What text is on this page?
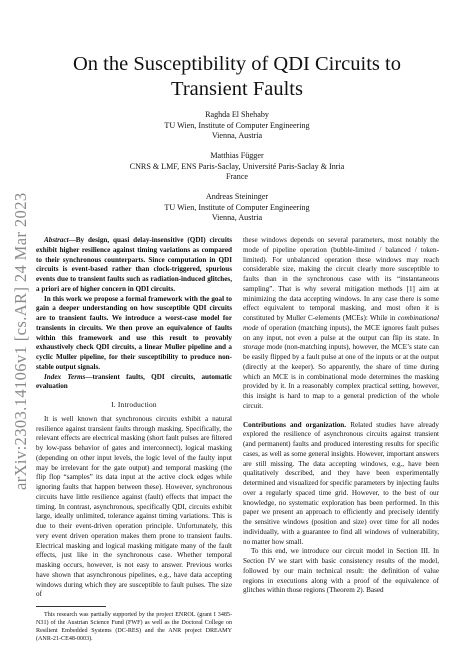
On the Susceptibility of QDI Circuits to
Transient Faults
Raghda El Shehaby
TU Wien, Institute of Computer Engineering
Vienna, Austria
Matthias Függer
CNRS & LMF, ENS Paris-Saclay, Université Paris-Saclay & Inria
France
Andreas Steininger
TU Wien, Institute of Computer Engineering
Vienna, Austria
arXiv:2303.14106v1 [cs.AR] 24 Mar 2023	Abstract—By design, quasi delay-insensitive (QDI) circuits exhibit higher resilience against timing variations as compared to their synchronous counterparts. Since computation in QDI circuits is event-based rather than clock-triggered, spurious events due to transient faults such as radiation-induced glitches, a priori are of higher concern in QDI circuits.

In this work we propose a formal framework with the goal to gain a deeper understanding on how susceptible QDI circuits are to transient faults. We introduce a worst-case model for transients in circuits. We then prove an equivalence of faults within this framework and use this result to provably exhaustively check QDI circuits, a linear Muller pipeline and a cyclic Muller pipeline, for their susceptibility to produce non-stable output signals.

Index Terms—transient faults, QDI circuits, automatic evaluation

I. Introduction

It is well known that synchronous circuits exhibit a natural resilience against transient faults through masking. Specifically, the relevant effects are electrical masking (short fault pulses are filtered by low-pass behavior of gates and interconnect), logical masking (depending on other input levels, the logic level of the faulty input may be irrelevant for the gate output) and temporal masking (the flip flop “samples” its data input at the active clock edges while ignoring faults that happen between these). However, synchronous circuits have little resilience against (fault) effects that impact the timing. In contrast, asynchronous, specifically QDI, circuits exhibit large, ideally unlimited, tolerance against timing variations. This is due to their event-driven operation principle. Unfortunately, this very event driven operation makes them prone to transient faults. Electrical masking and logical masking mitigate many of the fault effects, just like in the synchronous case. Whether temporal masking occurs, however, is not easy to answer. Previous works have shown that asynchronous pipelines, e.g., have data accepting windows during which they are susceptible to fault pulses. The size of

This research was partially supported by the project ENROL (grant I 3485-N31) of the Austrian Science Fund (FWF) as well as the Doctoral College on Resilient Embedded Systems (DC-RES) and the ANR project DREAMY (ANR-21-CE48-0003).

these windows depends on several parameters, most notably the mode of pipeline operation (bubble-limited / balanced / token-limited). For unbalanced operation these windows may reach considerable size, making the circuit clearly more susceptible to faults than in the synchronous case with its “instantaneous sampling”. That is why several mitigation methods [1] aim at minimizing the data accepting windows. In any case there is some effect equivalent to temporal masking, and most often it is constituted by Muller C-elements (MCEs): While in combinational mode of operation (matching inputs), the MCE ignores fault pulses on any input, not even a pulse at the output can flip its state. In storage mode (non-matching inputs), however, the MCE’s state can be easily flipped by a fault pulse at one of the inputs or at the output (directly at the keeper). So apparently, the share of time during which an MCE is in combinational mode determines the masking provided by it. In a reasonably complex practical setting, however, this insight is hard to map to a general prediction of the whole circuit.

Contributions and organization. Related studies have already explored the resilience of asynchronous circuits against transient (and permanent) faults and produced interesting results for specific cases, as well as some general insights. However, important answers are still missing. The data accepting windows, e.g., have been qualitatively described, and they have been experimentally determined and visualized for specific parameters by injecting faults over a regularly spaced time grid. However, to the best of our knowledge, no systematic exploration has been performed. In this paper we present an approach to efficiently and precisely identify the sensitive windows (position and size) over time for all nodes individually, with a guarantee to find all windows of vulnerability, no matter how small.

To this end, we introduce our circuit model in Section III. In Section IV we start with basic consistency results of the model, followed by our main technical result: the definition of value regions in executions along with a proof of the equivalence of glitches within those regions (Theorem 2). Based
